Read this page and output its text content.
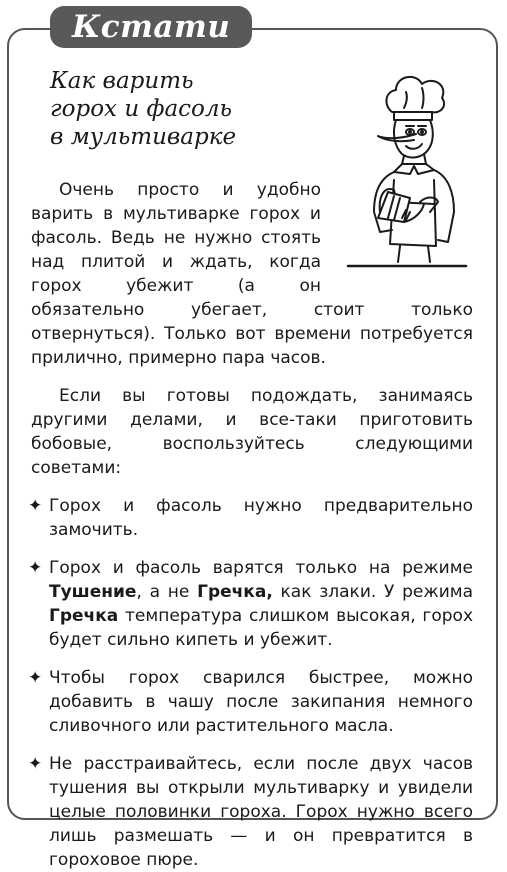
Кстати
Как варить
горох и фасоль
в мультиварке

Очень просто и удобно варить в мультиварке горох и фасоль. Ведь не нужно стоять над плитой и ждать, когда горох убежит (а он обязательно убегает, стоит только отвернуться). Только вот времени потребуется прилично, примерно пара часов.

Если вы готовы подождать, занимаясь другими делами, и все-таки приготовить бобовые, воспользуйтесь следующими советами:

✦ Горох и фасоль нужно предварительно замочить.
✦ Горох и фасоль варятся только на режиме Тушение, а не Гречка, как злаки. У режима Гречка температура слишком высокая, горох будет сильно кипеть и убежит.
✦ Чтобы горох сварился быстрее, можно добавить в чашу после закипания немного сливочного или растительного масла.
✦ Не расстраивайтесь, если после двух часов тушения вы открыли мультиварку и увидели целые половинки гороха. Горох нужно всего лишь размешать — и он превратится в гороховое пюре.
